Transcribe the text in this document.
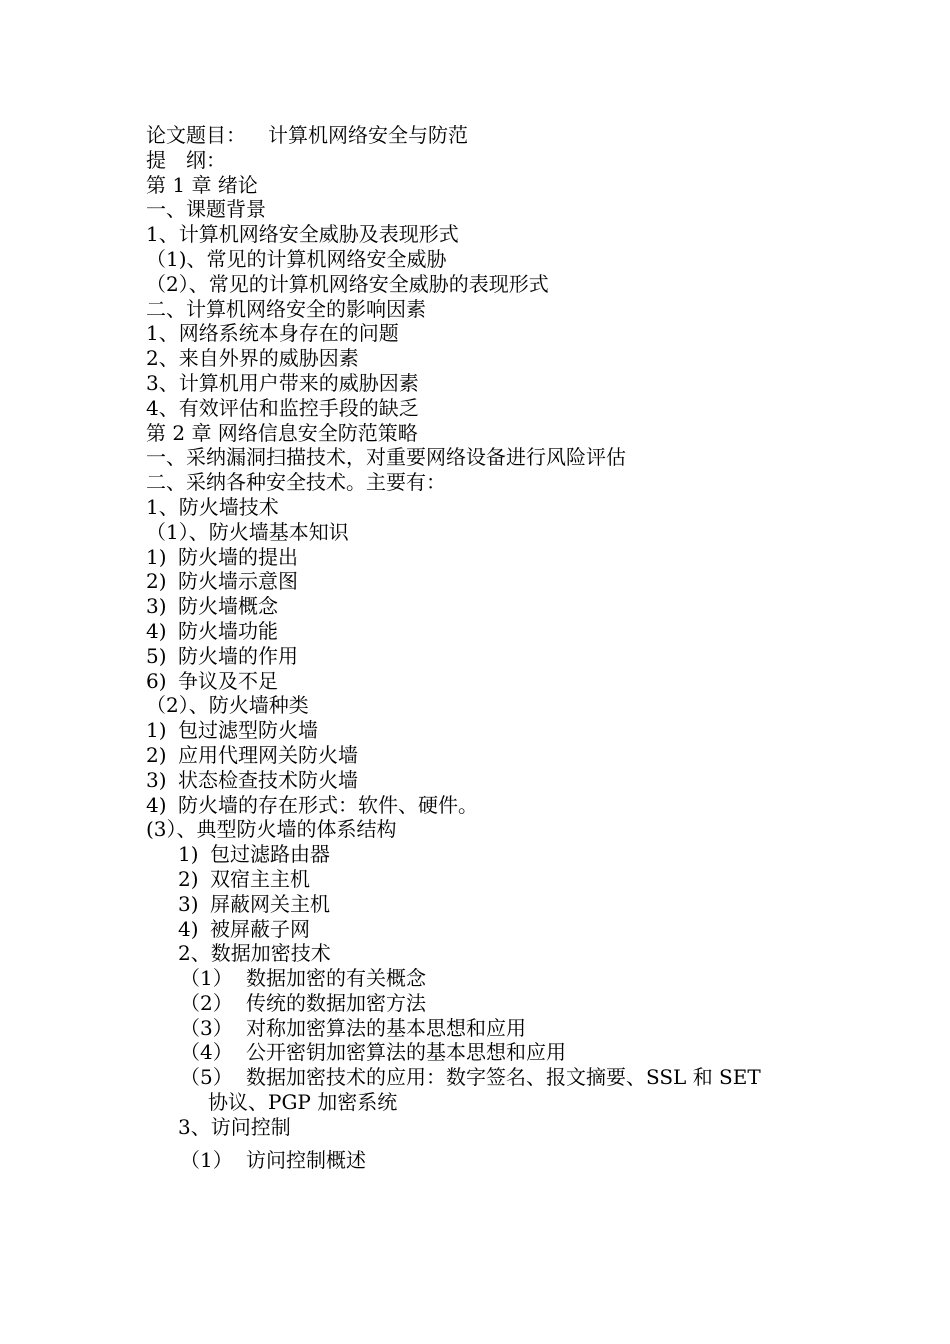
论文题目： 计算机网络安全与防范
提　纲：
第 1 章 绪论
一、课题背景
1、计算机网络安全威胁及表现形式
（1)、常见的计算机网络安全威胁
（2）、常见的计算机网络安全威胁的表现形式
二、计算机网络安全的影响因素
1、网络系统本身存在的问题
2、来自外界的威胁因素
3、计算机用户带来的威胁因素
4、有效评估和监控手段的缺乏
第 2 章 网络信息安全防范策略
一、采纳漏洞扫描技术，对重要网络设备进行风险评估
二、采纳各种安全技术。主要有：
1、防火墙技术
（1）、防火墙基本知识
1) 防火墙的提出
2) 防火墙示意图
3) 防火墙概念
4) 防火墙功能
5) 防火墙的作用
6) 争议及不足
（2）、防火墙种类
1) 包过滤型防火墙
2) 应用代理网关防火墙
3) 状态检查技术防火墙
4) 防火墙的存在形式：软件、硬件。
(3）、典型防火墙的体系结构
1) 包过滤路由器
2) 双宿主主机
3) 屏蔽网关主机
4) 被屏蔽子网
2、数据加密技术
（1） 数据加密的有关概念
（2） 传统的数据加密方法
（3） 对称加密算法的基本思想和应用
（4） 公开密钥加密算法的基本思想和应用
（5） 数据加密技术的应用：数字签名、报文摘要、SSL 和 SET
协议、PGP 加密系统
3、访问控制
（1） 访问控制概述
